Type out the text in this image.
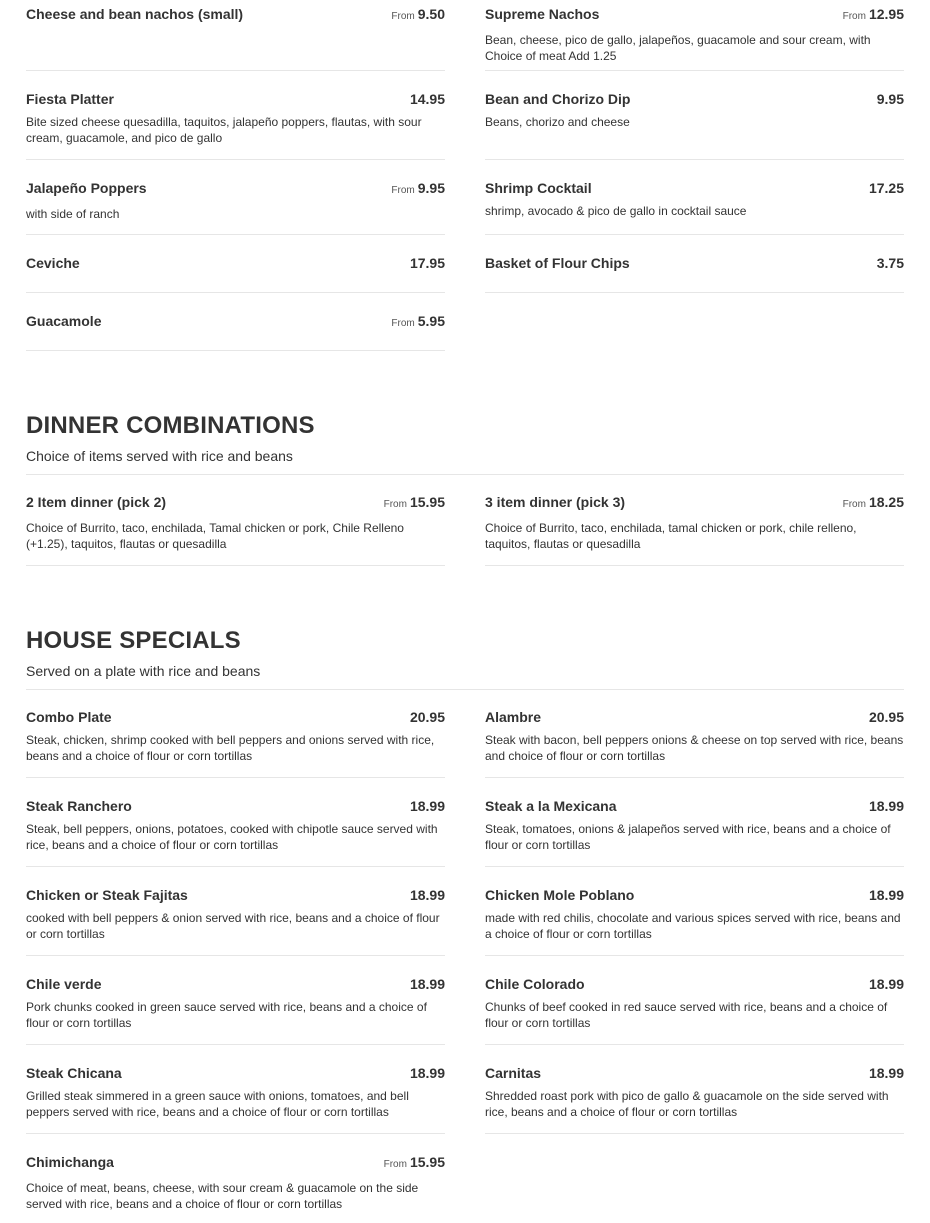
Cheese and bean nachos (small)	From 9.50
Fiesta Platter	14.95
Bite sized cheese quesadilla, taquitos, jalapeño poppers, flautas, with sour cream, guacamole, and pico de gallo
Jalapeño Poppers	From 9.95
with side of ranch
Ceviche	17.95
Guacamole	From 5.95
Supreme Nachos	From 12.95
Bean, cheese, pico de gallo, jalapeños, guacamole and sour cream, with Choice of meat Add 1.25
Bean and Chorizo Dip	9.95
Beans, chorizo and cheese
Shrimp Cocktail	17.25
shrimp, avocado & pico de gallo in cocktail sauce
Basket of Flour Chips	3.75
DINNER COMBINATIONS

Choice of items served with rice and beans

2 Item dinner (pick 2)	From 15.95
Choice of Burrito, taco, enchilada, Tamal chicken or pork, Chile Relleno (+1.25), taquitos, flautas or quesadilla
3 item dinner (pick 3)	From 18.25
Choice of Burrito, taco, enchilada, tamal chicken or pork, chile relleno, taquitos, flautas or quesadilla
HOUSE SPECIALS

Served on a plate with rice and beans

Combo Plate	20.95
Steak, chicken, shrimp cooked with bell peppers and onions served with rice, beans and a choice of flour or corn tortillas
Steak Ranchero	18.99
Steak, bell peppers, onions, potatoes, cooked with chipotle sauce served with rice, beans and a choice of flour or corn tortillas
Chicken or Steak Fajitas	18.99
cooked with bell peppers & onion served with rice, beans and a choice of flour or corn tortillas
Chile verde	18.99
Pork chunks cooked in green sauce served with rice, beans and a choice of flour or corn tortillas
Steak Chicana	18.99
Grilled steak simmered in a green sauce with onions, tomatoes, and bell peppers served with rice, beans and a choice of flour or corn tortillas
Chimichanga	From 15.95
Choice of meat, beans, cheese, with sour cream & guacamole on the side served with rice, beans and a choice of flour or corn tortillas
Alambre	20.95
Steak with bacon, bell peppers onions & cheese on top served with rice, beans and choice of flour or corn tortillas
Steak a la Mexicana	18.99
Steak, tomatoes, onions & jalapeños served with rice, beans and a choice of flour or corn tortillas
Chicken Mole Poblano	18.99
made with red chilis, chocolate and various spices served with rice, beans and a choice of flour or corn tortillas
Chile Colorado	18.99
Chunks of beef cooked in red sauce served with rice, beans and a choice of flour or corn tortillas
Carnitas	18.99
Shredded roast pork with pico de gallo & guacamole on the side served with rice, beans and a choice of flour or corn tortillas
